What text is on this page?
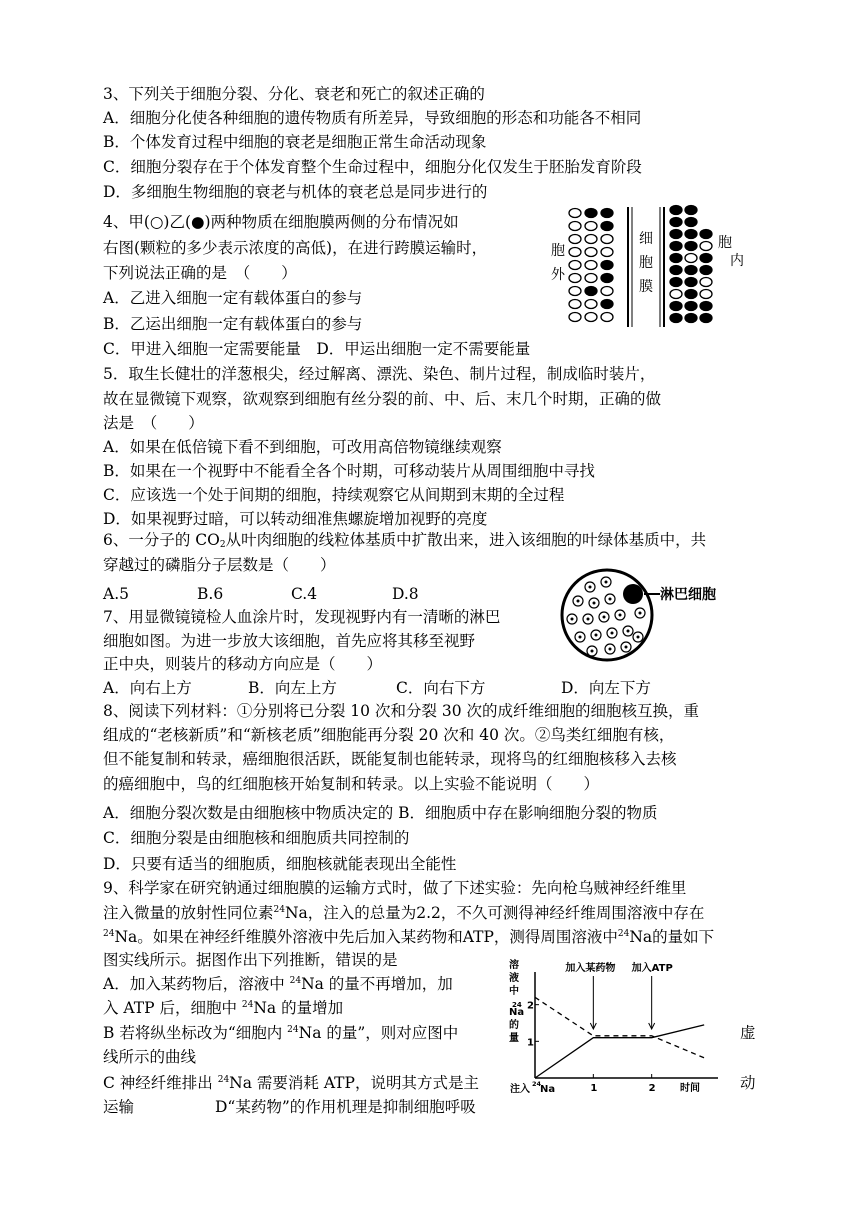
3、下列关于细胞分裂、分化、衰老和死亡的叙述正确的
A．细胞分化使各种细胞的遗传物质有所差异，导致细胞的形态和功能各不相同
B．个体发育过程中细胞的衰老是细胞正常生命活动现象
C．细胞分裂存在于个体发育整个生命过程中，细胞分化仅发生于胚胎发育阶段
D．多细胞生物细胞的衰老与机体的衰老总是同步进行的
4、甲(○)乙(●)两种物质在细胞膜两侧的分布情况如
右图(颗粒的多少表示浓度的高低)，在进行跨膜运输时，
下列说法正确的是　（　　）
A．乙进入细胞一定有载体蛋白的参与
B．乙运出细胞一定有载体蛋白的参与
C．甲进入细胞一定需要能量　D．甲运出细胞一定不需要能量
胞
外
细
胞
膜
胞
内
5．取生长健壮的洋葱根尖，经过解离、漂洗、染色、制片过程，制成临时装片，
故在显微镜下观察，欲观察到细胞有丝分裂的前、中、后、末几个时期，正确的做
法是　（　　）
A．如果在低倍镜下看不到细胞，可改用高倍物镜继续观察
B．如果在一个视野中不能看全各个时期，可移动装片从周围细胞中寻找
C．应该选一个处于间期的细胞，持续观察它从间期到末期的全过程
D．如果视野过暗，可以转动细准焦螺旋增加视野的亮度
6、一分子的 $CO_2$从叶肉细胞的线粒体基质中扩散出来，进入该细胞的叶绿体基质中，共
穿越过的磷脂分子层数是（　　）
A.5	B.6	C.4	D.8	淋巴细胞
7、用显微镜镜检人血涂片时，发现视野内有一清晰的淋巴
细胞如图。为进一步放大该细胞，首先应将其移至视野
正中央，则装片的移动方向应是（　　）
A．向右上方	B．向左上方	C．向右下方	D．向左下方
8、阅读下列材料：①分别将已分裂 10 次和分裂 30 次的成纤维细胞的细胞核互换，重
组成的“老核新质”和“新核老质”细胞能再分裂 20 次和 40 次。②鸟类红细胞有核，
但不能复制和转录，癌细胞很活跃，既能复制也能转录，现将鸟的红细胞核移入去核
的癌细胞中，鸟的红细胞核开始复制和转录。以上实验不能说明（　　）
A．细胞分裂次数是由细胞核中物质决定的 B．细胞质中存在影响细胞分裂的物质
C．细胞分裂是由细胞核和细胞质共同控制的
D．只要有适当的细胞质，细胞核就能表现出全能性
9、科学家在研究钠通过细胞膜的运输方式时，做了下述实验：先向枪乌贼神经纤维里
注入微量的放射性同位素$^{24}$Na，注入的总量为2.2，不久可测得神经纤维周围溶液中存在
$^{24}$Na。如果在神经纤维膜外溶液中先后加入某药物和ATP，测得周围溶液中$^{24}$Na的量如下
图实线所示。据图作出下列推断，错误的是
A．加入某药物后，溶液中 $^{24}$Na 的量不再增加，加
入 ATP 后，细胞中 $^{24}$Na 的量增加
B 若将纵坐标改为“细胞内 $^{24}$Na 的量”，则对应图中	虚
线所示的曲线
C 神经纤维排出 $^{24}$Na 需要消耗 ATP，说明其方式是主	动
运输	D“某药物”的作用机理是抑制细胞呼吸
溶
液
中
24
Na
的
量 1
2
1	2 时间
注入 24
Na
加入某药物 加入ATP
